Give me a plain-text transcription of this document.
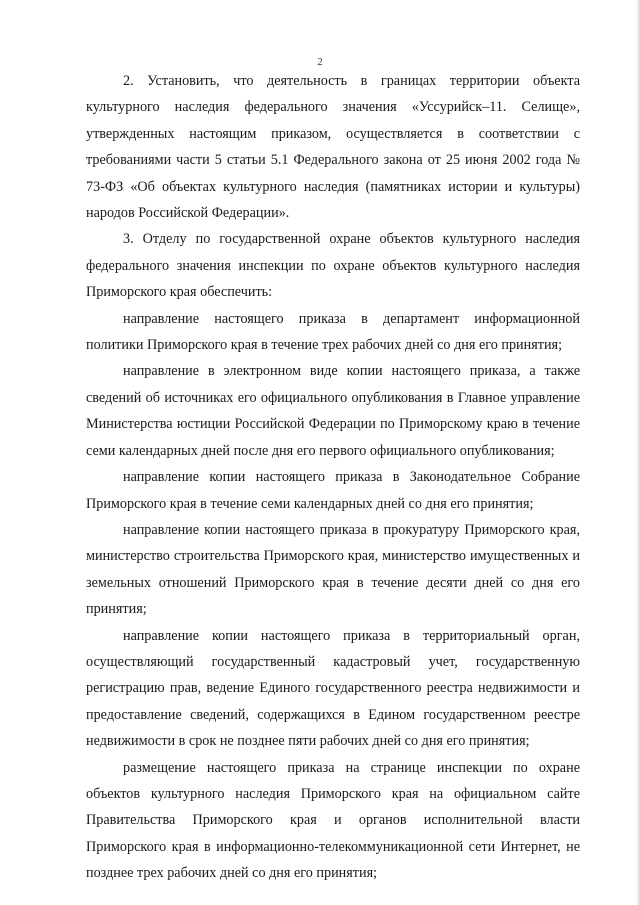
2

2. Установить, что деятельность в границах территории объекта культурного наследия федерального значения «Уссурийск–11. Селище», утвержденных настоящим приказом, осуществляется в соответствии с требованиями части 5 статьи 5.1 Федерального закона от 25 июня 2002 года № 73-ФЗ «Об объектах культурного наследия (памятниках истории и культуры) народов Российской Федерации».

3. Отделу по государственной охране объектов культурного наследия федерального значения инспекции по охране объектов культурного наследия Приморского края обеспечить:

направление настоящего приказа в департамент информационной политики Приморского края в течение трех рабочих дней со дня его принятия;

направление в электронном виде копии настоящего приказа, а также сведений об источниках его официального опубликования в Главное управление Министерства юстиции Российской Федерации по Приморскому краю в течение семи календарных дней после дня его первого официального опубликования;

направление копии настоящего приказа в Законодательное Собрание Приморского края в течение семи календарных дней со дня его принятия;

направление копии настоящего приказа в прокуратуру Приморского края, министерство строительства Приморского края, министерство имущественных и земельных отношений Приморского края в течение десяти дней со дня его принятия;

направление копии настоящего приказа в территориальный орган, осуществляющий государственный кадастровый учет, государственную регистрацию прав, ведение Единого государственного реестра недвижимости и предоставление сведений, содержащихся в Едином государственном реестре недвижимости в срок не позднее пяти рабочих дней со дня его принятия;

размещение настоящего приказа на странице инспекции по охране объектов культурного наследия Приморского края на официальном сайте Правительства Приморского края и органов исполнительной власти Приморского края в информационно-телекоммуникационной сети Интернет, не позднее трех рабочих дней со дня его принятия;
